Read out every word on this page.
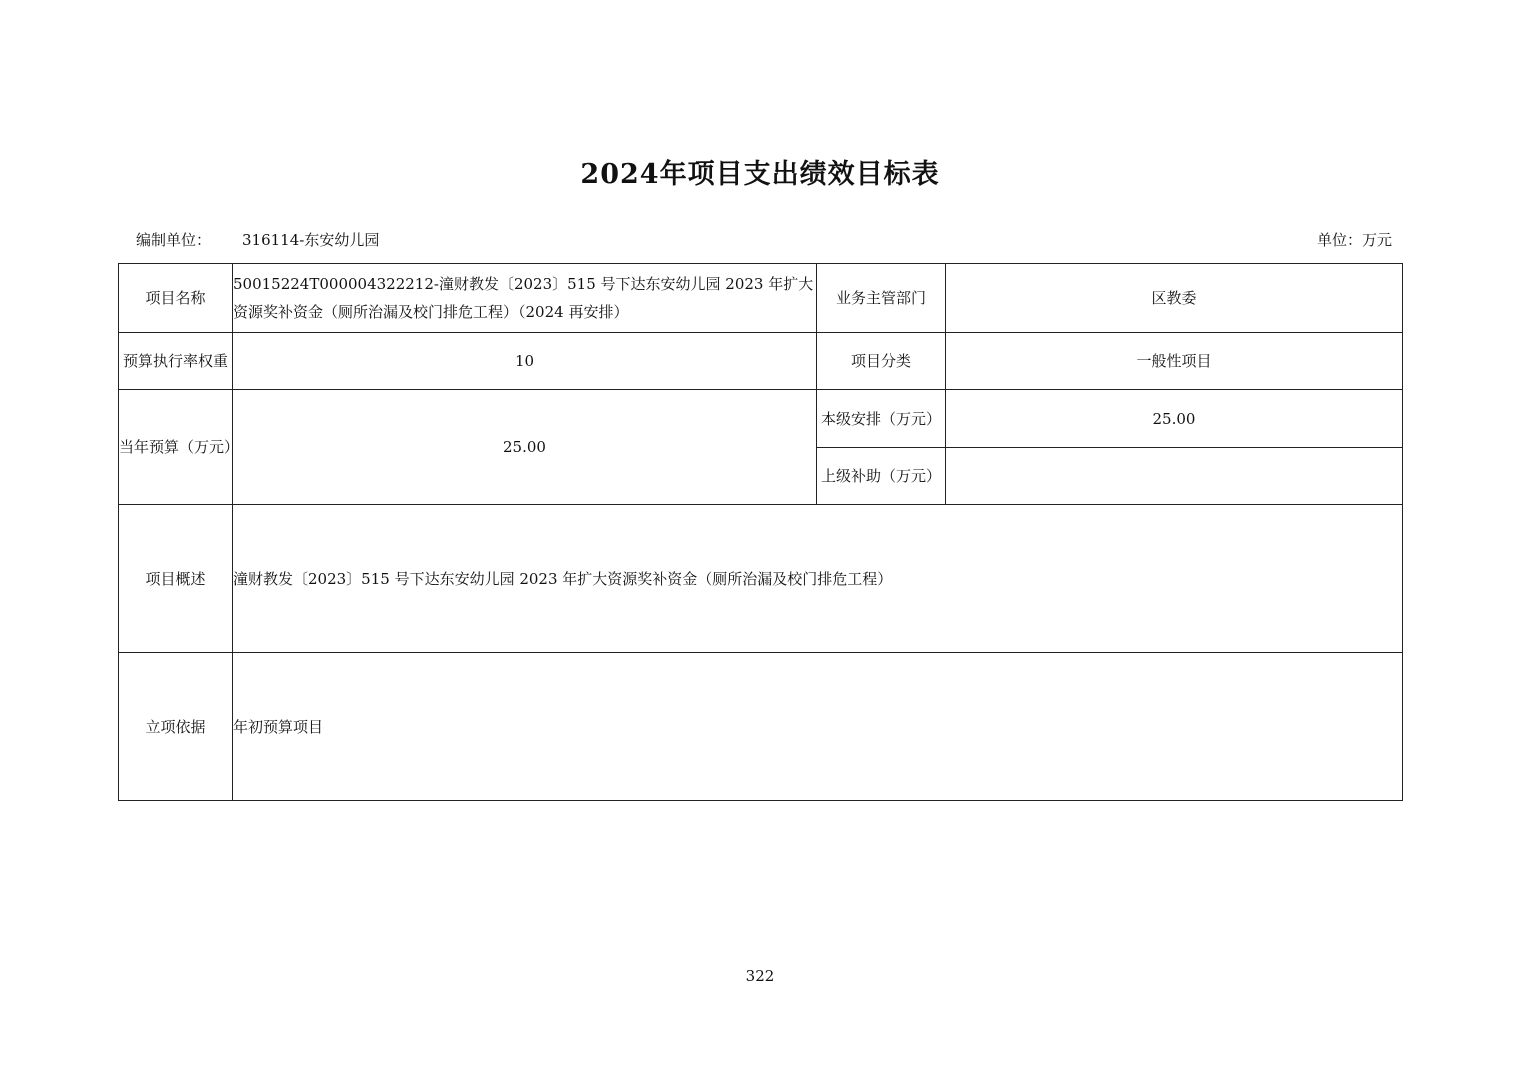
2024年项目支出绩效目标表
编制单位： 316114-东安幼儿园	单位：万元
项目名称	50015224T000004322212-潼财教发〔2023〕515 号下达东安幼儿园 2023 年扩大资源奖补资金（厕所治漏及校门排危工程）（2024 再安排）	业务主管部门	区教委
预算执行率权重	10	项目分类	一般性项目
当年预算（万元）	25.00	本级安排（万元）	25.00
		上级补助（万元）	
项目概述	潼财教发〔2023〕515 号下达东安幼儿园 2023 年扩大资源奖补资金（厕所治漏及校门排危工程）		
立项依据	年初预算项目		
322
